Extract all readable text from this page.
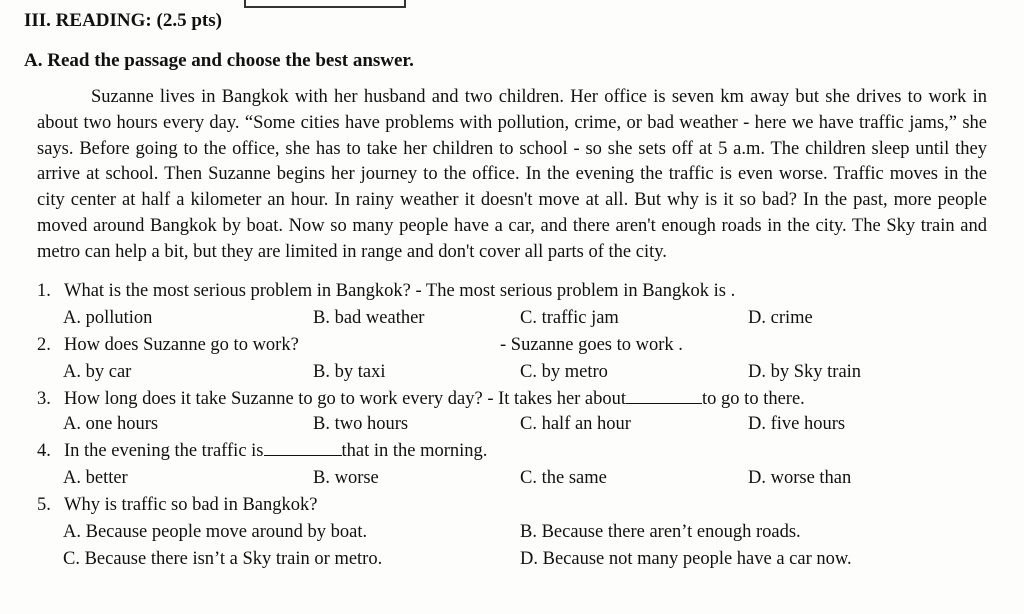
III. READING: (2.5 pts)
A. Read the passage and choose the best answer.
Suzanne lives in Bangkok with her husband and two children. Her office is seven km away but she drives to work in about two hours every day. “Some cities have problems with pollution, crime, or bad weather - here we have traffic jams,” she says. Before going to the office, she has to take her children to school - so she sets off at 5 a.m. The children sleep until they arrive at school. Then Suzanne begins her journey to the office. In the evening the traffic is even worse. Traffic moves in the city center at half a kilometer an hour. In rainy weather it doesn't move at all. But why is it so bad? In the past, more people moved around Bangkok by boat. Now so many people have a car, and there aren't enough roads in the city. The Sky train and metro can help a bit, but they are limited in range and don't cover all parts of the city.
1. What is the most serious problem in Bangkok? - The most serious problem in Bangkok is .
A. pollution	B. bad weather	C. traffic jam	D. crime
2. How does Suzanne go to work?	- Suzanne goes to work .
A. by car	B. by taxi	C. by metro	D. by Sky train
3. How long does it take Suzanne to go to work every day? - It takes her about	to go to there.
A. one hours	B. two hours	C. half an hour	D. five hours
4. In the evening the traffic is	that in the morning.
A. better	B. worse	C. the same	D. worse than
5. Why is traffic so bad in Bangkok?
A. Because people move around by boat.	B. Because there aren’t enough roads.
C. Because there isn’t a Sky train or metro.	D. Because not many people have a car now.
